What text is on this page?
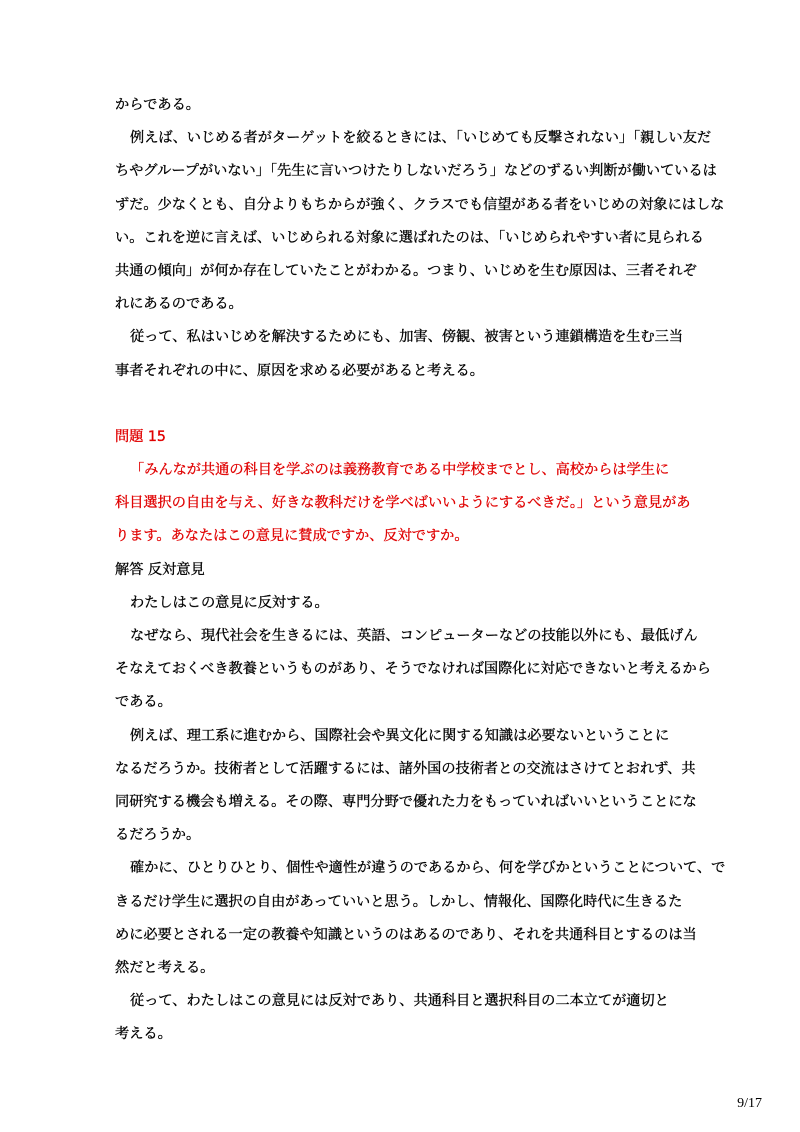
からである。
例えば、いじめる者がターゲットを絞るときには、「いじめても反撃されない」「親しい友だ
ちやグループがいない」「先生に言いつけたりしないだろう」などのずるい判断が働いているは
ずだ。少なくとも、自分よりもちからが強く、クラスでも信望がある者をいじめの対象にはしな
い。これを逆に言えば、いじめられる対象に選ばれたのは、「いじめられやすい者に見られる
共通の傾向」が何か存在していたことがわかる。つまり、いじめを生む原因は、三者それぞ
れにあるのである。
従って、私はいじめを解決するためにも、加害、傍観、被害という連鎖構造を生む三当
事者それぞれの中に、原因を求める必要があると考える。
問題 15
「みんなが共通の科目を学ぶのは義務教育である中学校までとし、高校からは学生に
科目選択の自由を与え、好きな教科だけを学べばいいようにするべきだ。」という意見があ
ります。あなたはこの意見に賛成ですか、反対ですか。
解答 反対意見
わたしはこの意見に反対する。
なぜなら、現代社会を生きるには、英語、コンピューターなどの技能以外にも、最低げん
そなえておくべき教養というものがあり、そうでなければ国際化に対応できないと考えるから
である。
例えば、理工系に進むから、国際社会や異文化に関する知識は必要ないということに
なるだろうか。技術者として活躍するには、諸外国の技術者との交流はさけてとおれず、共
同研究する機会も増える。その際、専門分野で優れた力をもっていればいいということにな
るだろうか。
確かに、ひとりひとり、個性や適性が違うのであるから、何を学びかということについて、で
きるだけ学生に選択の自由があっていいと思う。しかし、情報化、国際化時代に生きるた
めに必要とされる一定の教養や知識というのはあるのであり、それを共通科目とするのは当
然だと考える。
従って、わたしはこの意見には反対であり、共通科目と選択科目の二本立てが適切と
考える。
9/17
